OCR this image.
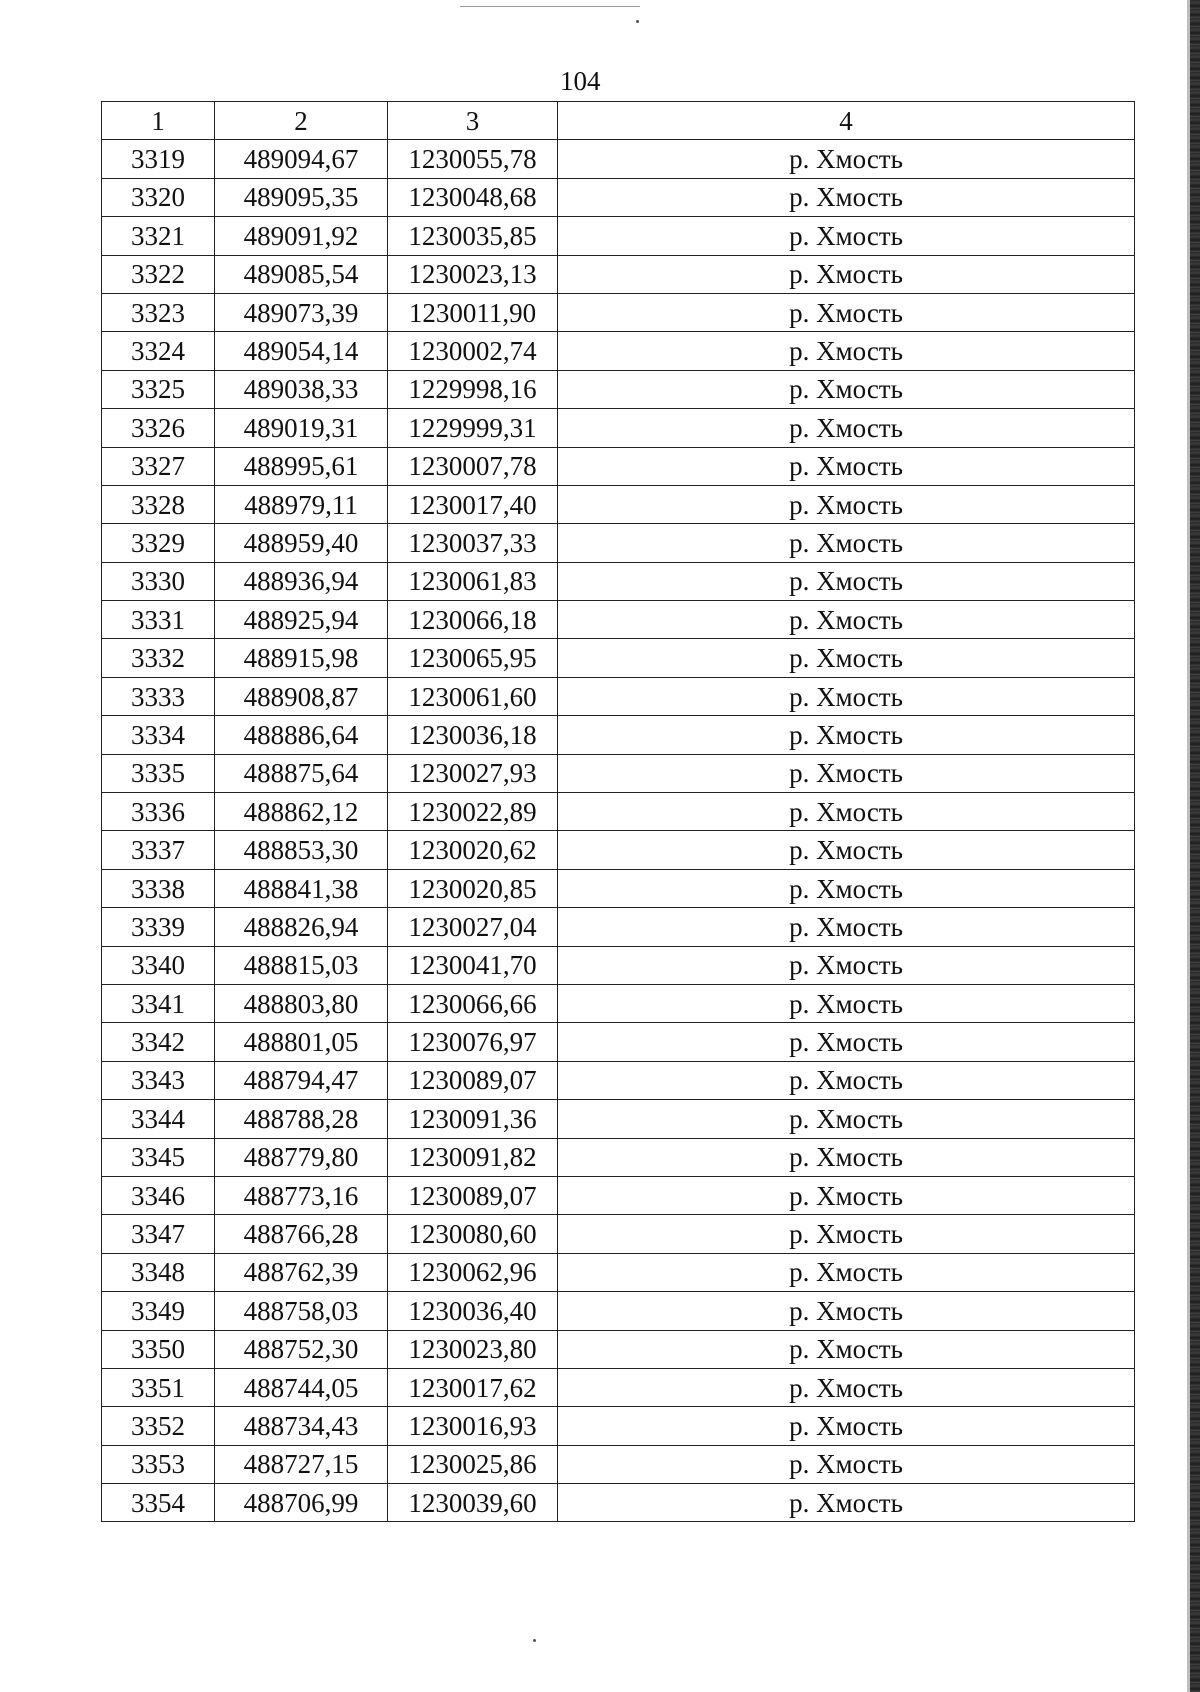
104
1	2	3	4
3319	489094,67	1230055,78	р. Хмость
3320	489095,35	1230048,68	р. Хмость
3321	489091,92	1230035,85	р. Хмость
3322	489085,54	1230023,13	р. Хмость
3323	489073,39	1230011,90	р. Хмость
3324	489054,14	1230002,74	р. Хмость
3325	489038,33	1229998,16	р. Хмость
3326	489019,31	1229999,31	р. Хмость
3327	488995,61	1230007,78	р. Хмость
3328	488979,11	1230017,40	р. Хмость
3329	488959,40	1230037,33	р. Хмость
3330	488936,94	1230061,83	р. Хмость
3331	488925,94	1230066,18	р. Хмость
3332	488915,98	1230065,95	р. Хмость
3333	488908,87	1230061,60	р. Хмость
3334	488886,64	1230036,18	р. Хмость
3335	488875,64	1230027,93	р. Хмость
3336	488862,12	1230022,89	р. Хмость
3337	488853,30	1230020,62	р. Хмость
3338	488841,38	1230020,85	р. Хмость
3339	488826,94	1230027,04	р. Хмость
3340	488815,03	1230041,70	р. Хмость
3341	488803,80	1230066,66	р. Хмость
3342	488801,05	1230076,97	р. Хмость
3343	488794,47	1230089,07	р. Хмость
3344	488788,28	1230091,36	р. Хмость
3345	488779,80	1230091,82	р. Хмость
3346	488773,16	1230089,07	р. Хмость
3347	488766,28	1230080,60	р. Хмость
3348	488762,39	1230062,96	р. Хмость
3349	488758,03	1230036,40	р. Хмость
3350	488752,30	1230023,80	р. Хмость
3351	488744,05	1230017,62	р. Хмость
3352	488734,43	1230016,93	р. Хмость
3353	488727,15	1230025,86	р. Хмость
3354	488706,99	1230039,60	р. Хмость
